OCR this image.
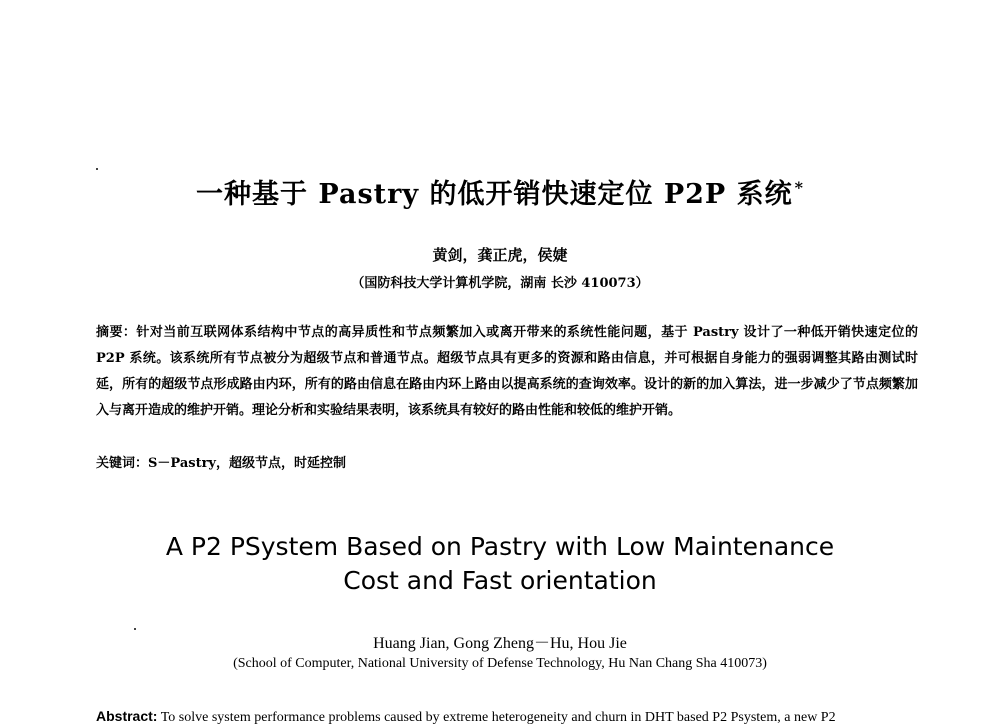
一种基于 Pastry 的低开销快速定位 P2P 系统 *
黄剑，龚正虎，侯婕
（国防科技大学计算机学院，湖南 长沙 410073）
摘要：针对当前互联网体系结构中节点的高异质性和节点频繁加入或离开带来的系统性能问题，基于 Pastry 设计了一种低开销快速定位的 P2P 系统。该系统所有节点被分为超级节点和普通节点。超级节点具有更多的资源和路由信息，并可根据自身能力的强弱调整其路由测试时延，所有的超级节点形成路由内环，所有的路由信息在路由内环上路由以提高系统的查询效率。设计的新的加入算法，进一步减少了节点频繁加入与离开造成的维护开销。理论分析和实验结果表明，该系统具有较好的路由性能和较低的维护开销。
关键词：S－Pastry，超级节点，时延控制
A P2 PSystem Based on Pastry with Low Maintenance
Cost and Fast orientation
Huang Jian, Gong Zheng－Hu, Hou Jie
(School of Computer, National University of Defense Technology, Hu Nan Chang Sha 410073)
Abstract: To solve system performance problems caused by extreme heterogeneity and churn in DHT based P2 Psystem, a new P2
